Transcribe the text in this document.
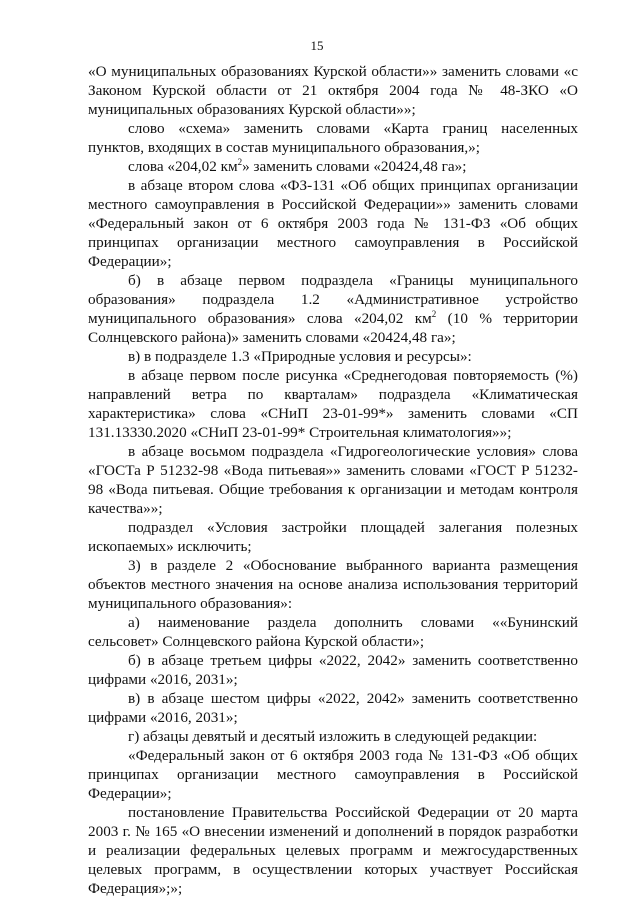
15

«О муниципальных образованиях Курской области»» заменить словами «с Законом Курской области от 21 октября 2004 года № 48-ЗКО «О муниципальных образованиях Курской области»»;

слово «схема» заменить словами «Карта границ населенных пунктов, входящих в состав муниципального образования,»;

слова «204,02 $км^2$» заменить словами «20424,48 га»;

в абзаце втором слова «ФЗ-131 «Об общих принципах организации местного самоуправления в Российской Федерации»» заменить словами «Федеральный закон от 6 октября 2003 года № 131-ФЗ «Об общих принципах организации местного самоуправления в Российской Федерации»;

б) в абзаце первом подраздела «Границы муниципального образования» подраздела 1.2 «Административное устройство муниципального образования» слова «204,02 $км^2$ (10 % территории Солнцевского района)» заменить словами «20424,48 га»;

в) в подразделе 1.3 «Природные условия и ресурсы»:

в абзаце первом после рисунка «Среднегодовая повторяемость (%) направлений ветра по кварталам» подраздела «Климатическая характеристика» слова «СНиП 23-01-99*» заменить словами «СП 131.13330.2020 «СНиП 23-01-99* Строительная климатология»»;

в абзаце восьмом подраздела «Гидрогеологические условия» слова «ГОСТа Р 51232-98 «Вода питьевая»» заменить словами «ГОСТ Р 51232-98 «Вода питьевая. Общие требования к организации и методам контроля качества»»;

подраздел «Условия застройки площадей залегания полезных ископаемых» исключить;

3) в разделе 2 «Обоснование выбранного варианта размещения объектов местного значения на основе анализа использования территорий муниципального образования»:

а) наименование раздела дополнить словами ««Бунинский сельсовет» Солнцевского района Курской области»;

б) в абзаце третьем цифры «2022, 2042» заменить соответственно цифрами «2016, 2031»;

в) в абзаце шестом цифры «2022, 2042» заменить соответственно цифрами «2016, 2031»;

г) абзацы девятый и десятый изложить в следующей редакции:

«Федеральный закон от 6 октября 2003 года № 131-ФЗ «Об общих принципах организации местного самоуправления в Российской Федерации»;

постановление Правительства Российской Федерации от 20 марта 2003 г. № 165 «О внесении изменений и дополнений в порядок разработки и реализации федеральных целевых программ и межгосударственных целевых программ, в осуществлении которых участвует Российская Федерация»;»;
